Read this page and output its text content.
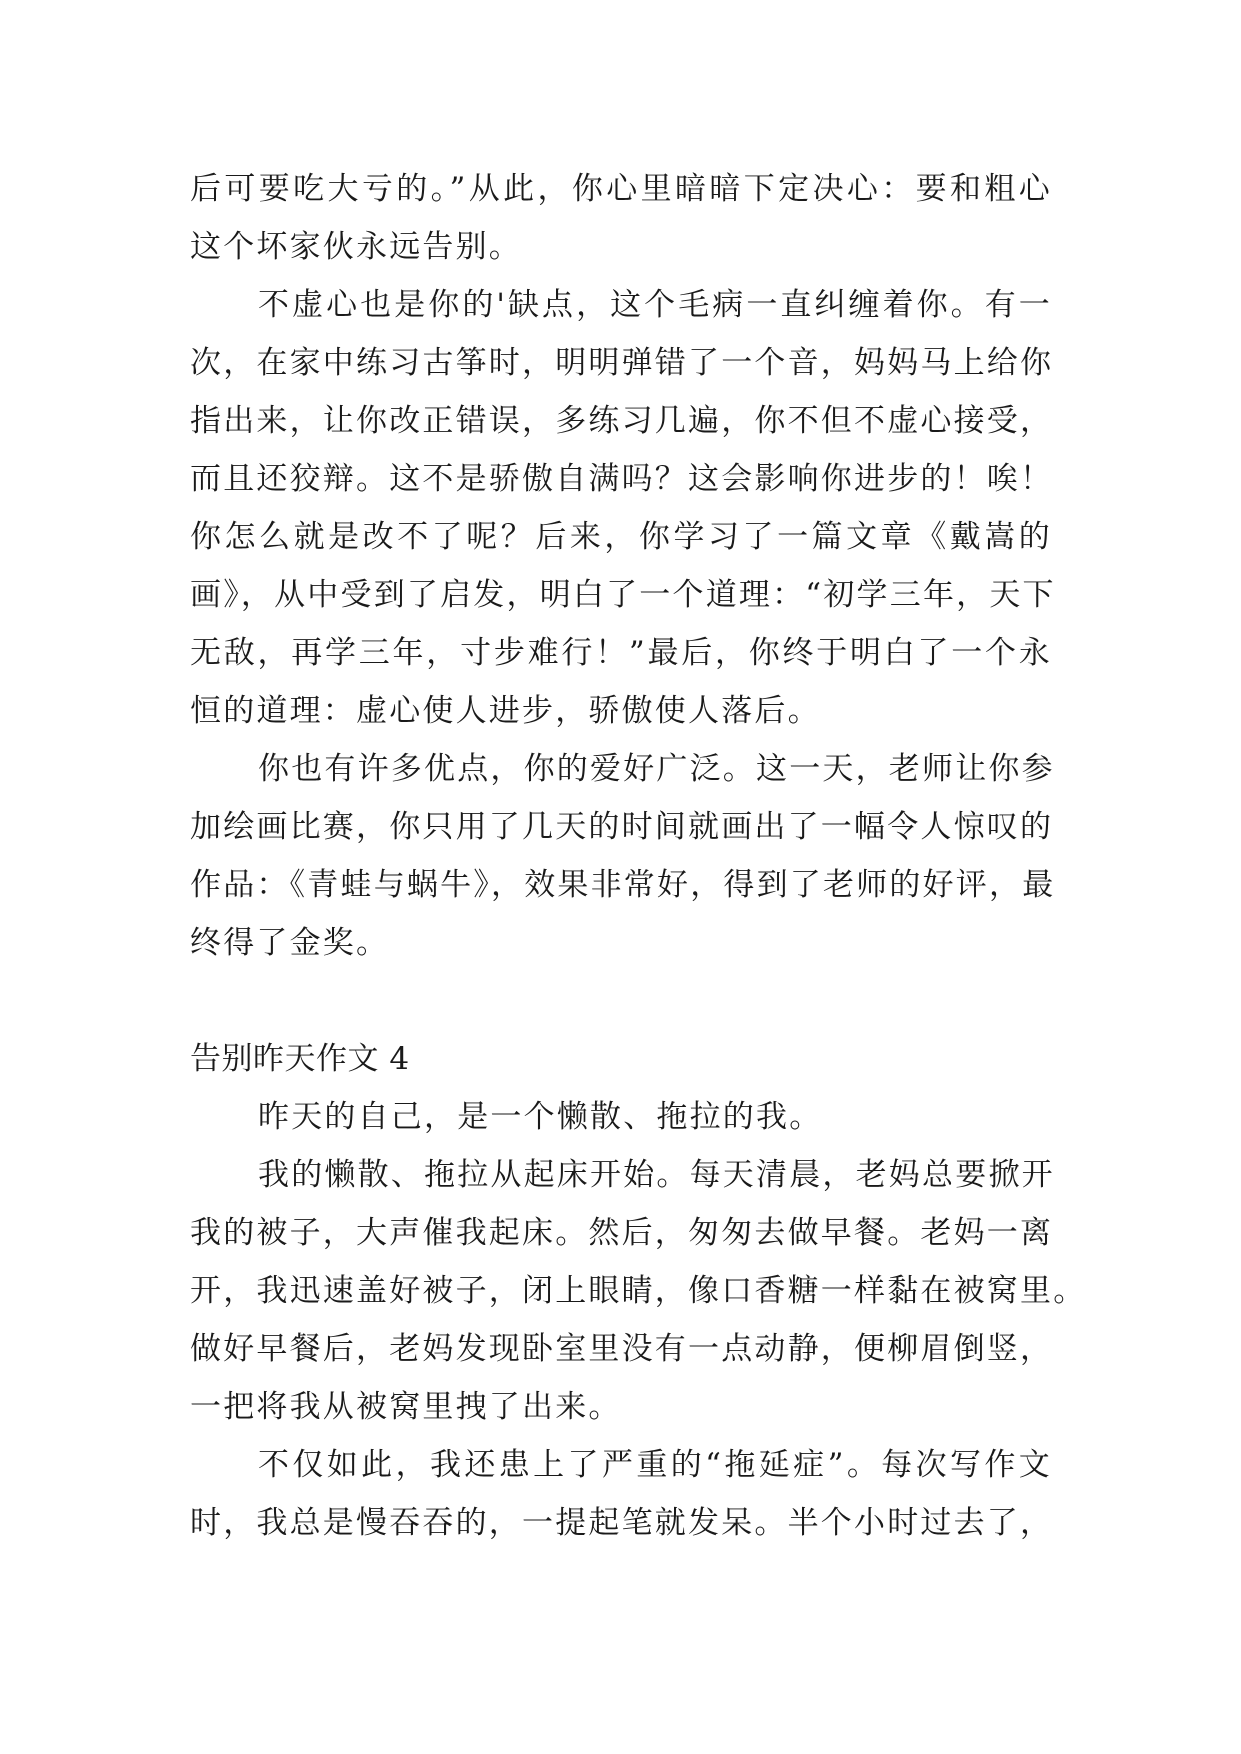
后可要吃大亏的。”从此，你心里暗暗下定决心：要和粗心
这个坏家伙永远告别。
不虚心也是你的'缺点，这个毛病一直纠缠着你。有一
次，在家中练习古筝时，明明弹错了一个音，妈妈马上给你
指出来，让你改正错误，多练习几遍，你不但不虚心接受，
而且还狡辩。这不是骄傲自满吗？这会影响你进步的！唉！
你怎么就是改不了呢？后来，你学习了一篇文章《戴嵩的
画》，从中受到了启发，明白了一个道理：“初学三年，天下
无敌，再学三年，寸步难行！”最后，你终于明白了一个永
恒的道理：虚心使人进步，骄傲使人落后。
你也有许多优点，你的爱好广泛。这一天，老师让你参
加绘画比赛，你只用了几天的时间就画出了一幅令人惊叹的
作品：《青蛙与蜗牛》，效果非常好，得到了老师的好评，最
终得了金奖。
告别昨天作文 4
昨天的自己，是一个懒散、拖拉的我。
我的懒散、拖拉从起床开始。每天清晨，老妈总要掀开
我的被子，大声催我起床。然后，匆匆去做早餐。老妈一离
开，我迅速盖好被子，闭上眼睛，像口香糖一样黏在被窝里。
做好早餐后，老妈发现卧室里没有一点动静，便柳眉倒竖，
一把将我从被窝里拽了出来。
不仅如此，我还患上了严重的“拖延症”。每次写作文
时，我总是慢吞吞的，一提起笔就发呆。半个小时过去了，
